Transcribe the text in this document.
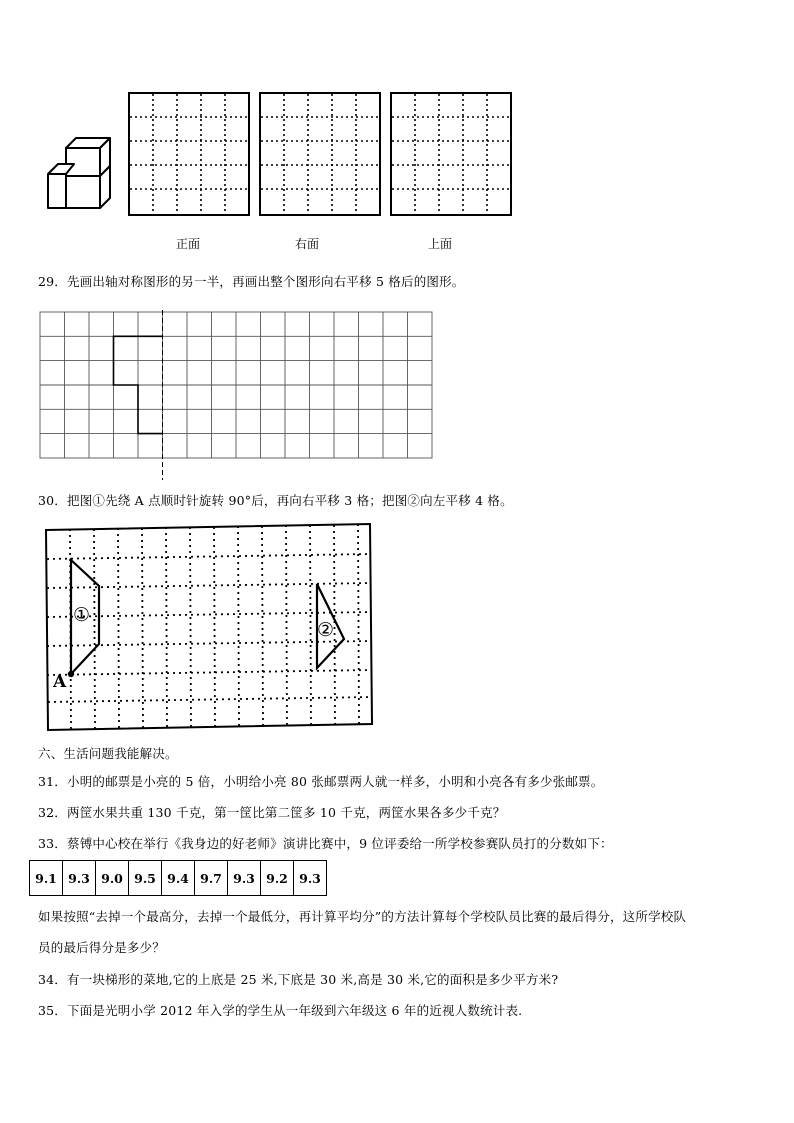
正面	右面	上面
29．先画出轴对称图形的另一半，再画出整个图形向右平移 5 格后的图形。
30．把图①先绕 A 点顺时针旋转 90°后，再向右平移 3 格；把图②向左平移 4 格。
①
②
A
六、生活问题我能解决。
31．小明的邮票是小亮的 5 倍，小明给小亮 80 张邮票两人就一样多，小明和小亮各有多少张邮票。
32．两筐水果共重 130 千克，第一筐比第二筐多 10 千克，两筐水果各多少千克？
33．蔡镈中心校在举行《我身边的好老师》演讲比赛中，9 位评委给一所学校参赛队员打的分数如下：
9.1	9.3	9.0	9.5	9.4	9.7	9.3	9.2	9.3
如果按照“去掉一个最高分，去掉一个最低分，再计算平均分”的方法计算每个学校队员比赛的最后得分，这所学校队
员的最后得分是多少？
34．有一块梯形的菜地,它的上底是 25 米,下底是 30 米,高是 30 米,它的面积是多少平方米?
35．下面是光明小学 2012 年入学的学生从一年级到六年级这 6 年的近视人数统计表.
